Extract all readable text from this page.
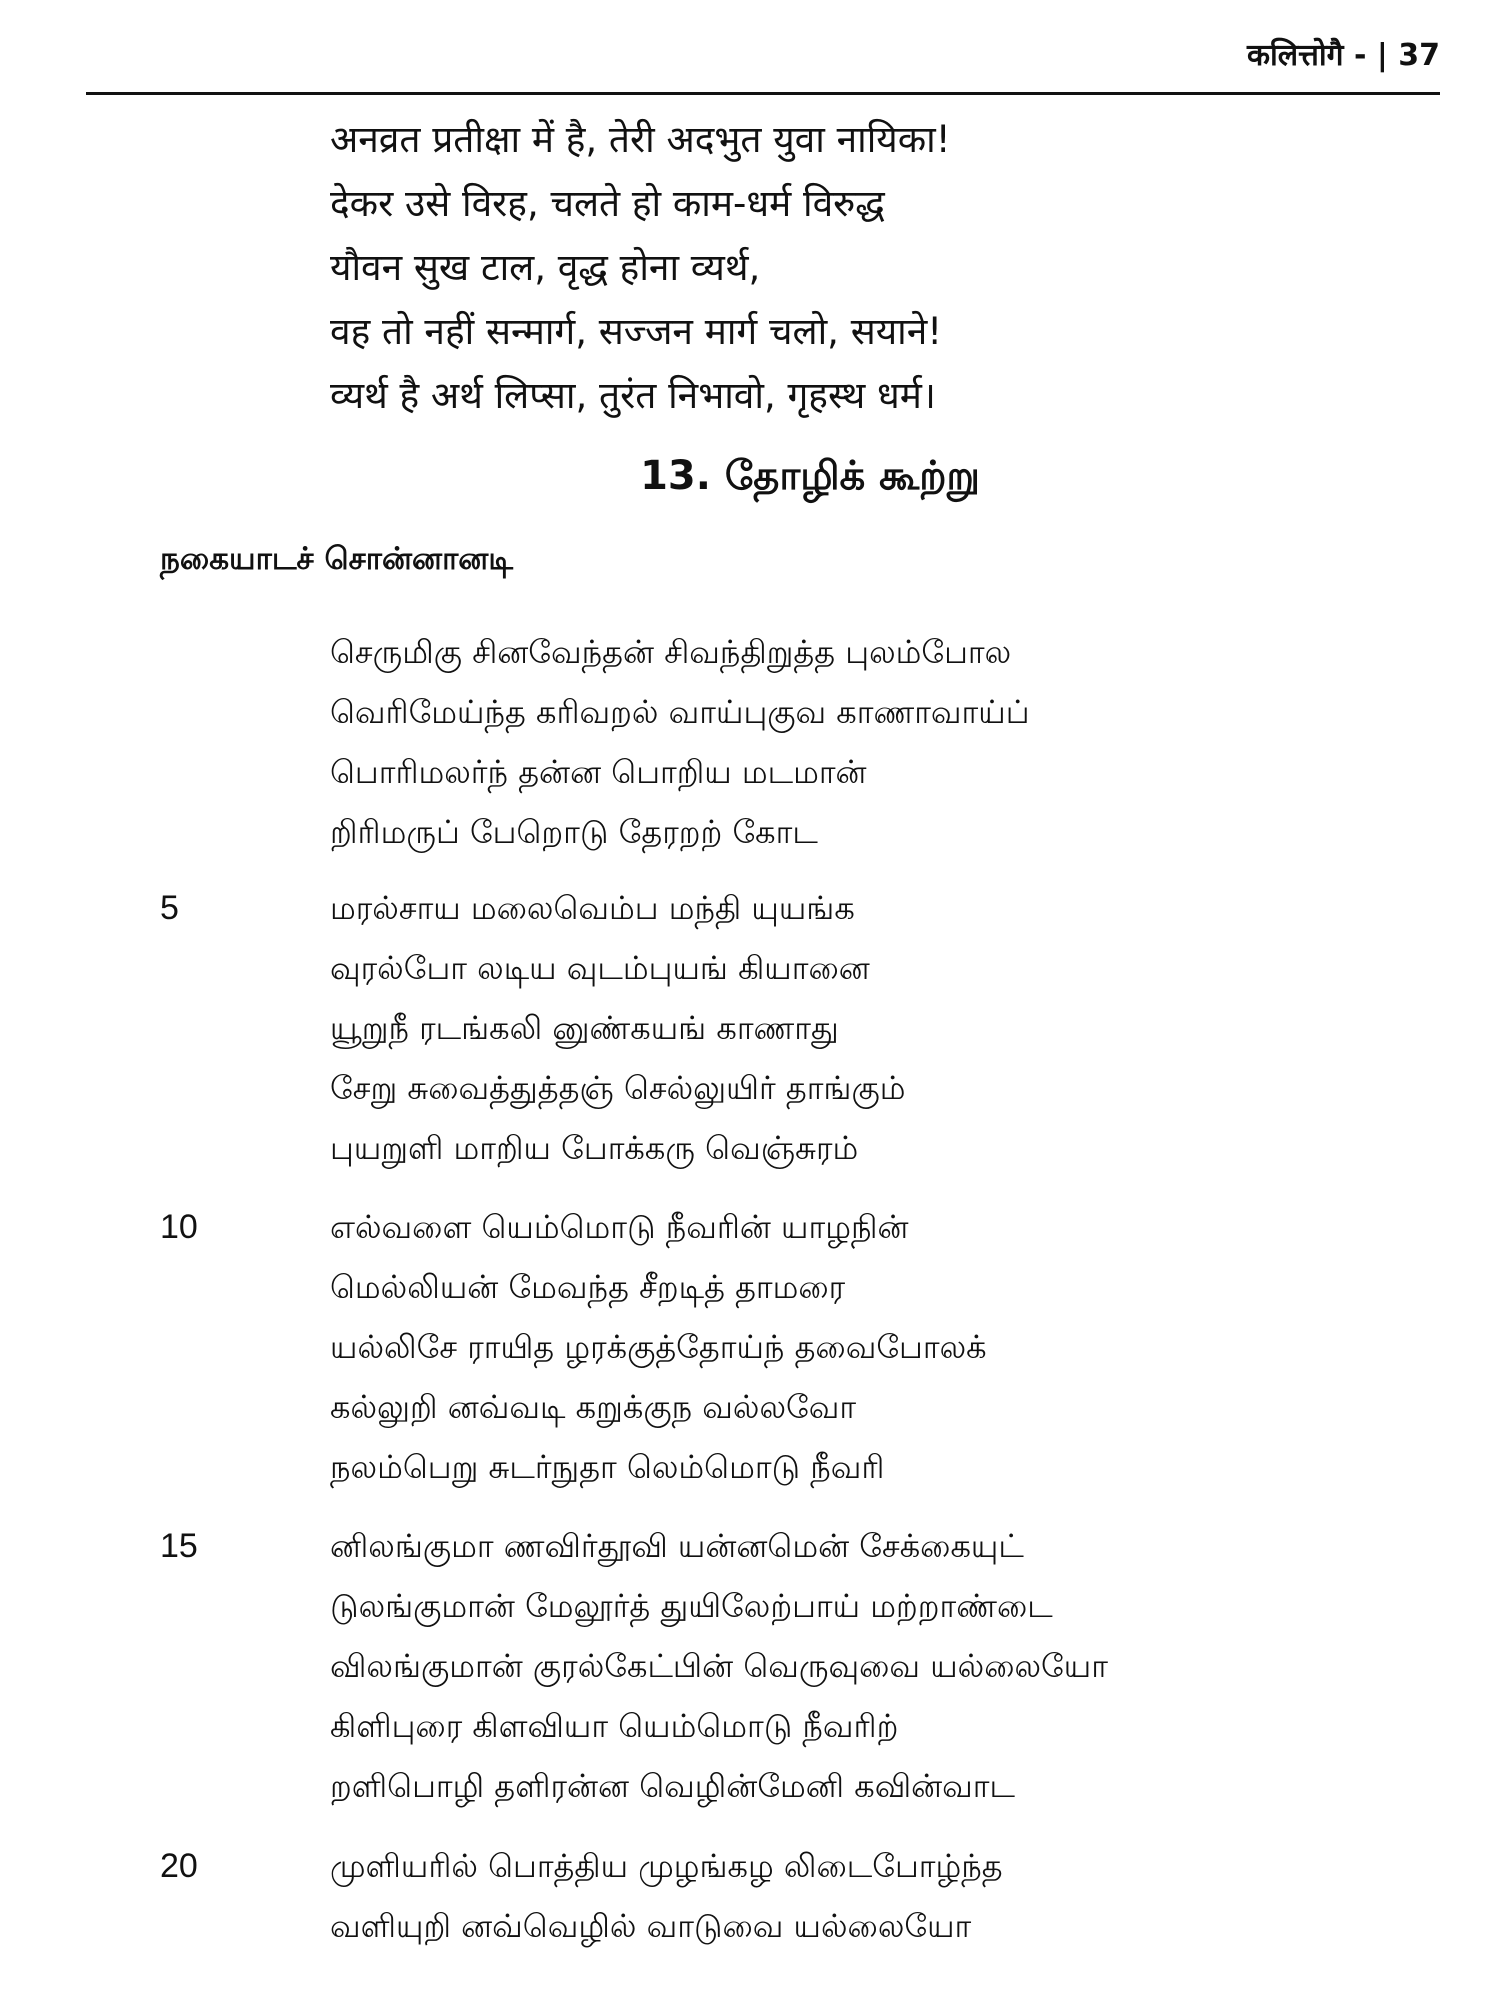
कलित्तोगै - | 37
अनव्रत प्रतीक्षा में है, तेरी अदभुत युवा नायिका!
देकर उसे विरह, चलते हो काम-धर्म विरुद्ध
यौवन सुख टाल, वृद्ध होना व्यर्थ,
वह तो नहीं सन्मार्ग, सज्जन मार्ग चलो, सयाने!
व्यर्थ है अर्थ लिप्सा, तुरंत निभावो, गृहस्थ धर्म।
13. தோழிக் கூற்று
நகையாடச் சொன்னானடி
செருமிகு சினவேந்தன் சிவந்திறுத்த புலம்போல
வெரிமேய்ந்த கரிவறல் வாய்புகுவ காணாவாய்ப்
பொரிமலர்ந் தன்ன பொறிய மடமான்
றிரிமருப் பேறொடு தேரறற் கோட
5	மரல்சாய மலைவெம்ப மந்தி யுயங்க
வுரல்போ லடிய வுடம்புயங் கியானை
யூறுநீ ரடங்கலி னுண்கயங் காணாது
சேறு சுவைத்துத்தஞ் செல்லுயிர் தாங்கும்
புயறுளி மாறிய போக்கரு வெஞ்சுரம்
10	எல்வளை யெம்மொடு நீவரின் யாழநின்
மெல்லியன் மேவந்த சீறடித் தாமரை
யல்லிசே ராயித ழரக்குத்தோய்ந் தவைபோலக்
கல்லுறி னவ்வடி கறுக்குந வல்லவோ
நலம்பெறு சுடர்நுதா லெம்மொடு நீவரி
15	னிலங்குமா ணவிர்தூவி யன்னமென் சேக்கையுட்
டுலங்குமான் மேலூர்த் துயிலேற்பாய் மற்றாண்டை
விலங்குமான் குரல்கேட்பின் வெருவுவை யல்லையோ
கிளிபுரை கிளவியா யெம்மொடு நீவரிற்
றளிபொழி தளிரன்ன வெழின்மேனி கவின்வாட
20	முளியரில் பொத்திய முழங்கழ லிடைபோழ்ந்த
வளியுறி னவ்வெழில் வாடுவை யல்லையோ
